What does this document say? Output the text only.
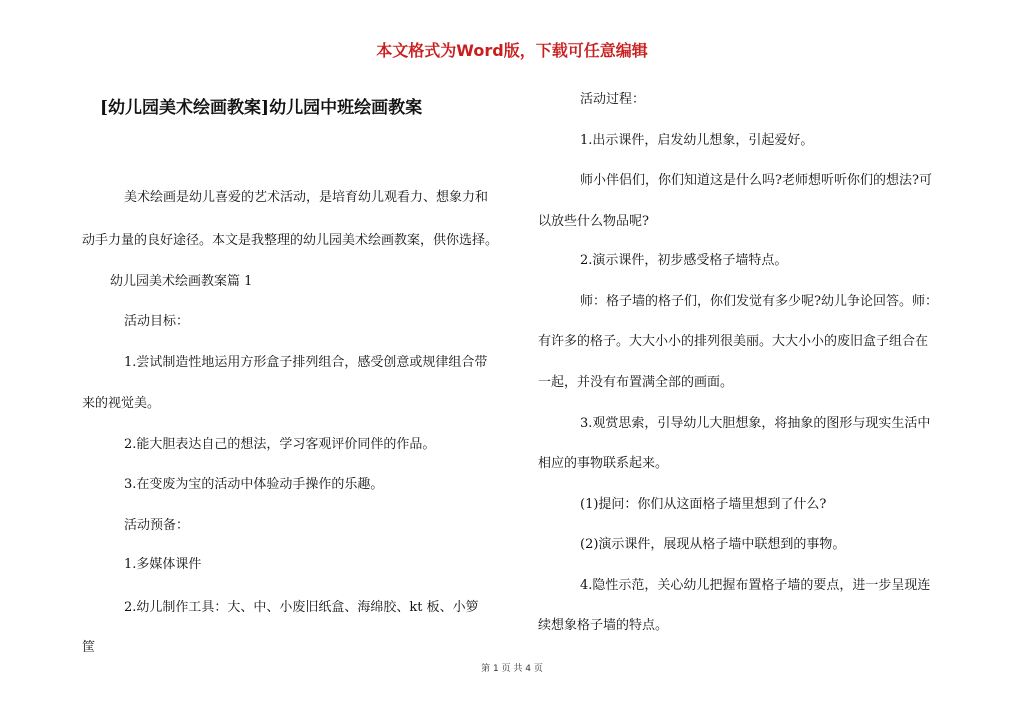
本文格式为Word版，下载可任意编辑
[幼儿园美术绘画教案]幼儿园中班绘画教案

美术绘画是幼儿喜爱的艺术活动，是培育幼儿观看力、想象力和

动手力量的良好途径。本文是我整理的幼儿园美术绘画教案，供你选择。

幼儿园美术绘画教案篇 1

活动目标：

1.尝试制造性地运用方形盒子排列组合，感受创意或规律组合带

来的视觉美。

2.能大胆表达自己的想法，学习客观评价同伴的作品。

3.在变废为宝的活动中体验动手操作的乐趣。

活动预备：

1.多媒体课件

2.幼儿制作工具：大、中、小废旧纸盒、海绵胶、kt 板、小箩

筐

活动过程：

1.出示课件，启发幼儿想象，引起爱好。

师小伴侣们，你们知道这是什么吗?老师想听听你们的想法?可

以放些什么物品呢?

2.演示课件，初步感受格子墙特点。

师：格子墙的格子们，你们发觉有多少呢?幼儿争论回答。师：

有许多的格子。大大小小的排列很美丽。大大小小的废旧盒子组合在

一起，并没有布置满全部的画面。

3.观赏思索，引导幼儿大胆想象，将抽象的图形与现实生活中

相应的事物联系起来。

(1)提问：你们从这面格子墙里想到了什么?

(2)演示课件，展现从格子墙中联想到的事物。

4.隐性示范，关心幼儿把握布置格子墙的要点，进一步呈现连

续想象格子墙的特点。

第 1 页 共 4 页
